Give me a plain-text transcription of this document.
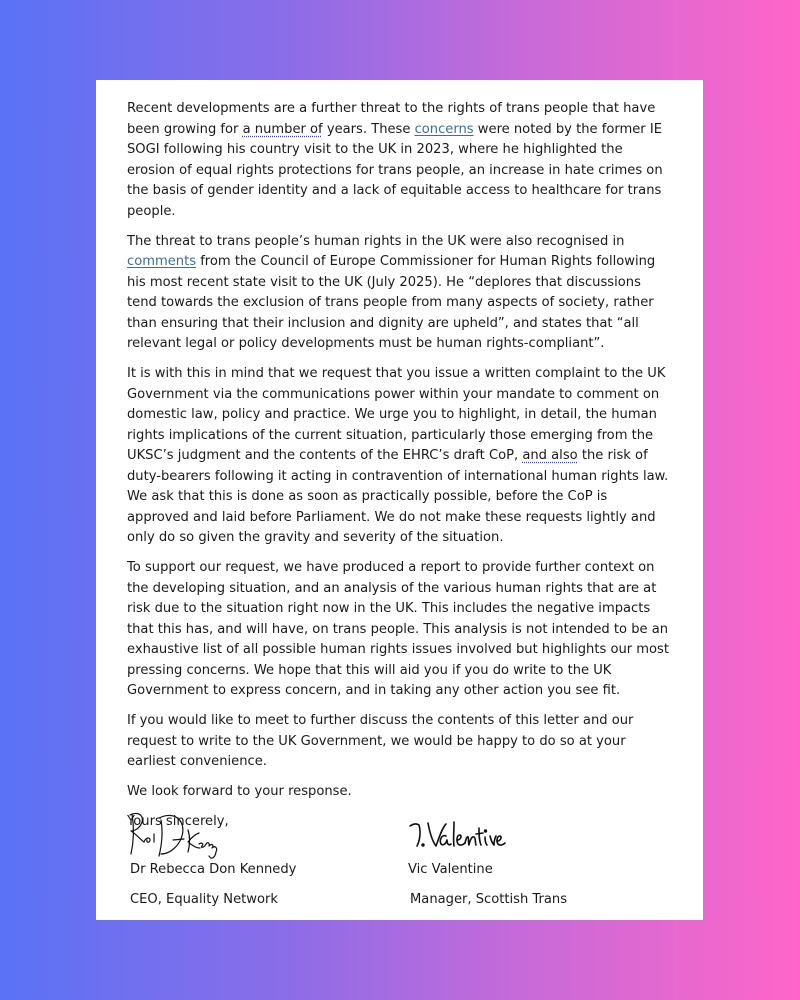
Recent developments are a further threat to the rights of trans people that have been growing for a number of years. These concerns were noted by the former IE SOGI following his country visit to the UK in 2023, where he highlighted the erosion of equal rights protections for trans people, an increase in hate crimes on the basis of gender identity and a lack of equitable access to healthcare for trans people.

The threat to trans people’s human rights in the UK were also recognised in comments from the Council of Europe Commissioner for Human Rights following his most recent state visit to the UK (July 2025). He “deplores that discussions tend towards the exclusion of trans people from many aspects of society, rather than ensuring that their inclusion and dignity are upheld”, and states that “all relevant legal or policy developments must be human rights-compliant”.

It is with this in mind that we request that you issue a written complaint to the UK Government via the communications power within your mandate to comment on domestic law, policy and practice. We urge you to highlight, in detail, the human rights implications of the current situation, particularly those emerging from the UKSC’s judgment and the contents of the EHRC’s draft CoP, and also the risk of duty-bearers following it acting in contravention of international human rights law. We ask that this is done as soon as practically possible, before the CoP is approved and laid before Parliament. We do not make these requests lightly and only do so given the gravity and severity of the situation.

To support our request, we have produced a report to provide further context on the developing situation, and an analysis of the various human rights that are at risk due to the situation right now in the UK. This includes the negative impacts that this has, and will have, on trans people. This analysis is not intended to be an exhaustive list of all possible human rights issues involved but highlights our most pressing concerns. We hope that this will aid you if you do write to the UK Government to express concern, and in taking any other action you see fit.

If you would like to meet to further discuss the contents of this letter and our request to write to the UK Government, we would be happy to do so at your earliest convenience.

We look forward to your response.

Yours sincerely,

Dr Rebecca Don Kennedy
CEO, Equality Network
Vic Valentine
Manager, Scottish Trans
